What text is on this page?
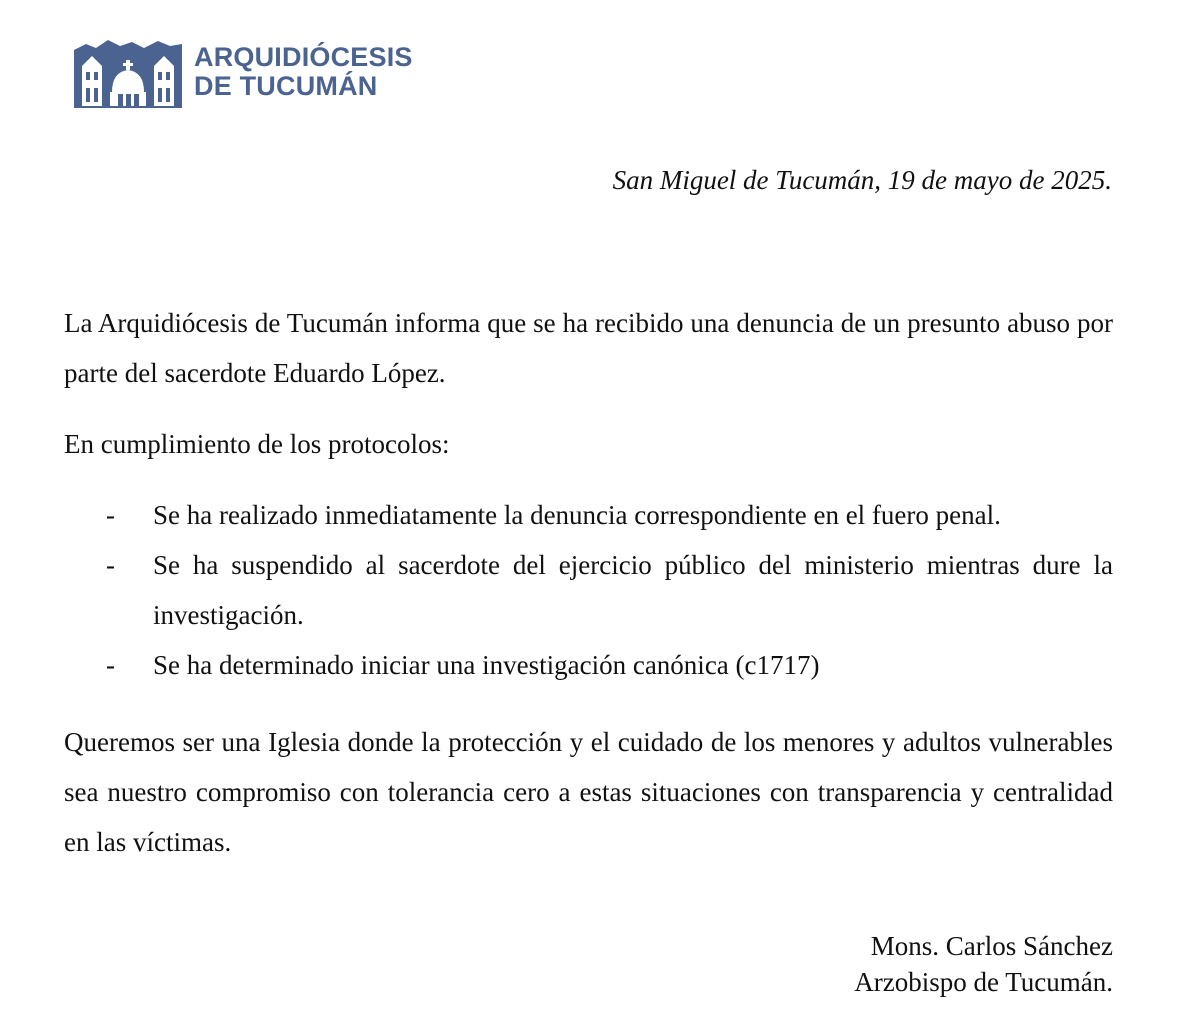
ARQUIDIÓCESIS
DE TUCUMÁN
San Miguel de Tucumán, 19 de mayo de 2025.

La Arquidiócesis de Tucumán informa que se ha recibido una denuncia de un presunto abuso por parte del sacerdote Eduardo López.

En cumplimiento de los protocolos:

- Se ha realizado inmediatamente la denuncia correspondiente en el fuero penal.
- Se ha suspendido al sacerdote del ejercicio público del ministerio mientras dure la investigación.
- Se ha determinado iniciar una investigación canónica (c1717)

Queremos ser una Iglesia donde la protección y el cuidado de los menores y adultos vulnerables sea nuestro compromiso con tolerancia cero a estas situaciones con transparencia y centralidad en las víctimas.

Mons. Carlos Sánchez
Arzobispo de Tucumán.
